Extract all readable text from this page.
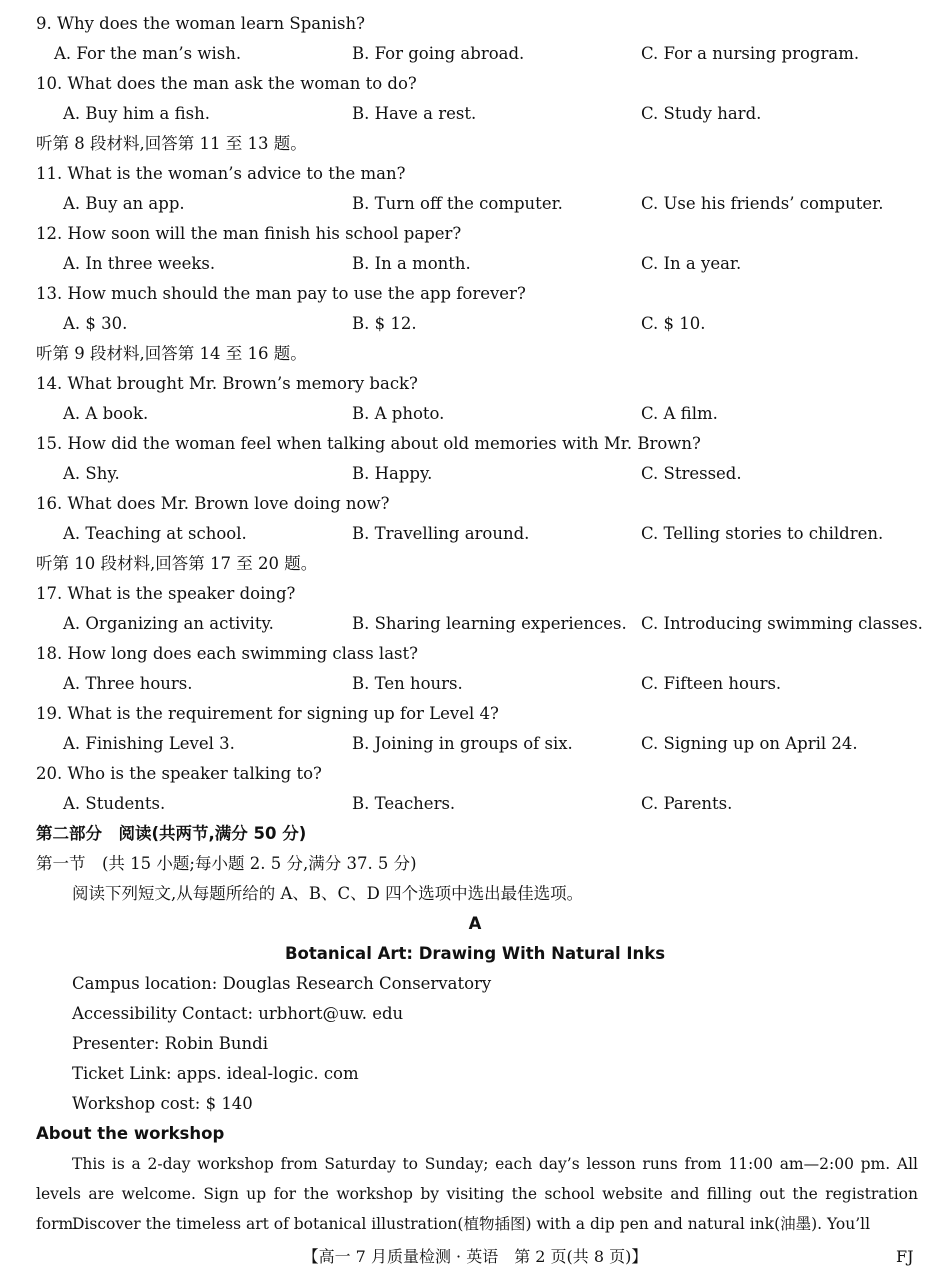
9. Why does the woman learn Spanish?
A. For the man’s wish.	B. For going abroad.	C. For a nursing program.
10. What does the man ask the woman to do?
A. Buy him a fish.	B. Have a rest.	C. Study hard.
听第 8 段材料,回答第 11 至 13 题。
11. What is the woman’s advice to the man?
A. Buy an app.	B. Turn off the computer.	C. Use his friends’ computer.
12. How soon will the man finish his school paper?
A. In three weeks.	B. In a month.	C. In a year.
13. How much should the man pay to use the app forever?
A. $ 30.	B. $ 12.	C. $ 10.
听第 9 段材料,回答第 14 至 16 题。
14. What brought Mr. Brown’s memory back?
A. A book.	B. A photo.	C. A film.
15. How did the woman feel when talking about old memories with Mr. Brown?
A. Shy.	B. Happy.	C. Stressed.
16. What does Mr. Brown love doing now?
A. Teaching at school.	B. Travelling around.	C. Telling stories to children.
听第 10 段材料,回答第 17 至 20 题。
17. What is the speaker doing?
A. Organizing an activity.	B. Sharing learning experiences. C. Introducing swimming classes.
18. How long does each swimming class last?
A. Three hours.	B. Ten hours.	C. Fifteen hours.
19. What is the requirement for signing up for Level 4?
A. Finishing Level 3.	B. Joining in groups of six.	C. Signing up on April 24.
20. Who is the speaker talking to?
A. Students.	B. Teachers.	C. Parents.
第二部分　阅读(共两节,满分 50 分)
第一节　(共 15 小题;每小题 2. 5 分,满分 37. 5 分)
阅读下列短文,从每题所给的 A、B、C、D 四个选项中选出最佳选项。
A
Botanical Art: Drawing With Natural Inks
Campus location: Douglas Research Conservatory
Accessibility Contact: urbhort@uw. edu
Presenter: Robin Bundi
Ticket Link: apps. ideal-logic. com
Workshop cost: $ 140
About the workshop
This is a 2-day workshop from Saturday to Sunday; each day’s lesson runs from 11:00 am—2:00 pm. All levels are welcome. Sign up for the workshop by visiting the school website and filling out the registration form.
Discover the timeless art of botanical illustration(植物插图) with a dip pen and natural ink(油墨). You’ll
【高一 7 月质量检测 · 英语　第 2 页(共 8 页)】	FJ
